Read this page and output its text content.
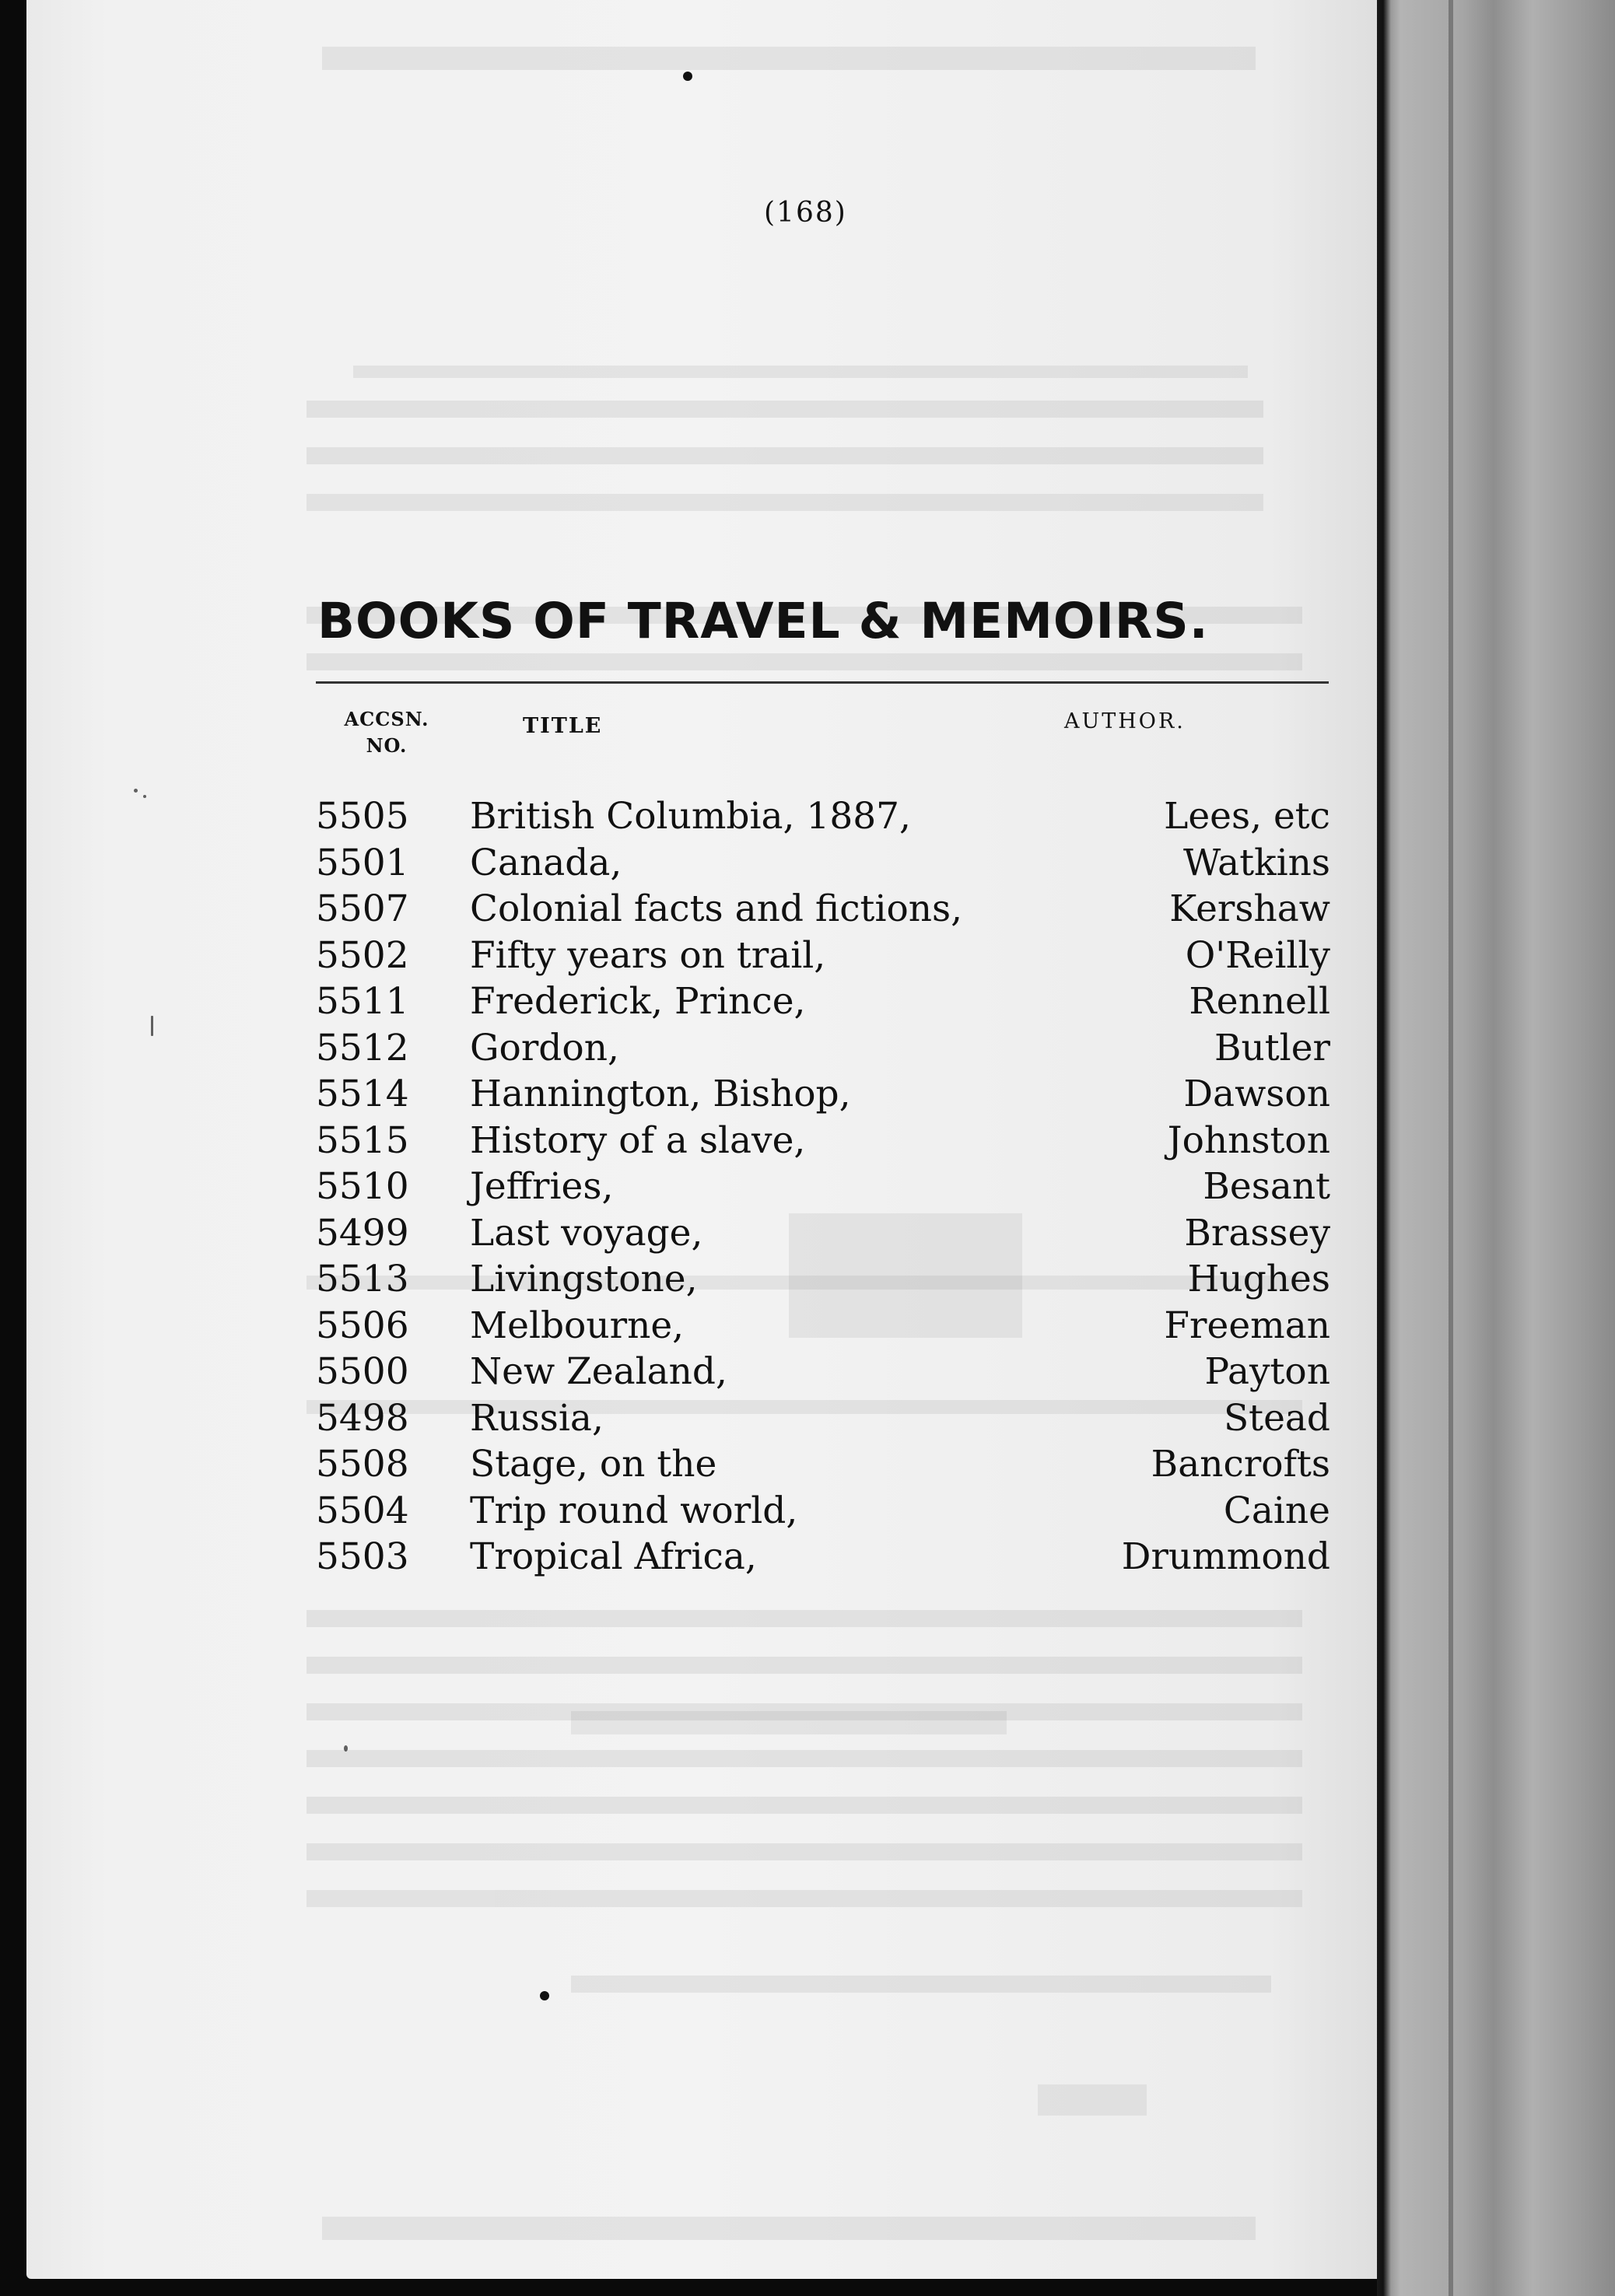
(168)
BOOKS OF TRAVEL & MEMOIRS.
ACCSN.
NO.
TITLE	AUTHOR.
5505 British Columbia, 1887,	Lees, etc
5501 Canada,	Watkins
5507 Colonial facts and fictions,	Kershaw
5502 Fifty years on trail,	O'Reilly
5511 Frederick, Prince,	Rennell
5512 Gordon,	Butler
5514 Hannington, Bishop,	Dawson
5515 History of a slave,	Johnston
5510 Jeffries,	Besant
5499 Last voyage,	Brassey
5513 Livingstone,	Hughes
5506 Melbourne,	Freeman
5500 New Zealand,	Payton
5498 Russia,	Stead
5508 Stage, on the	Bancrofts
5504 Trip round world,	Caine
5503 Tropical Africa,	Drummond
